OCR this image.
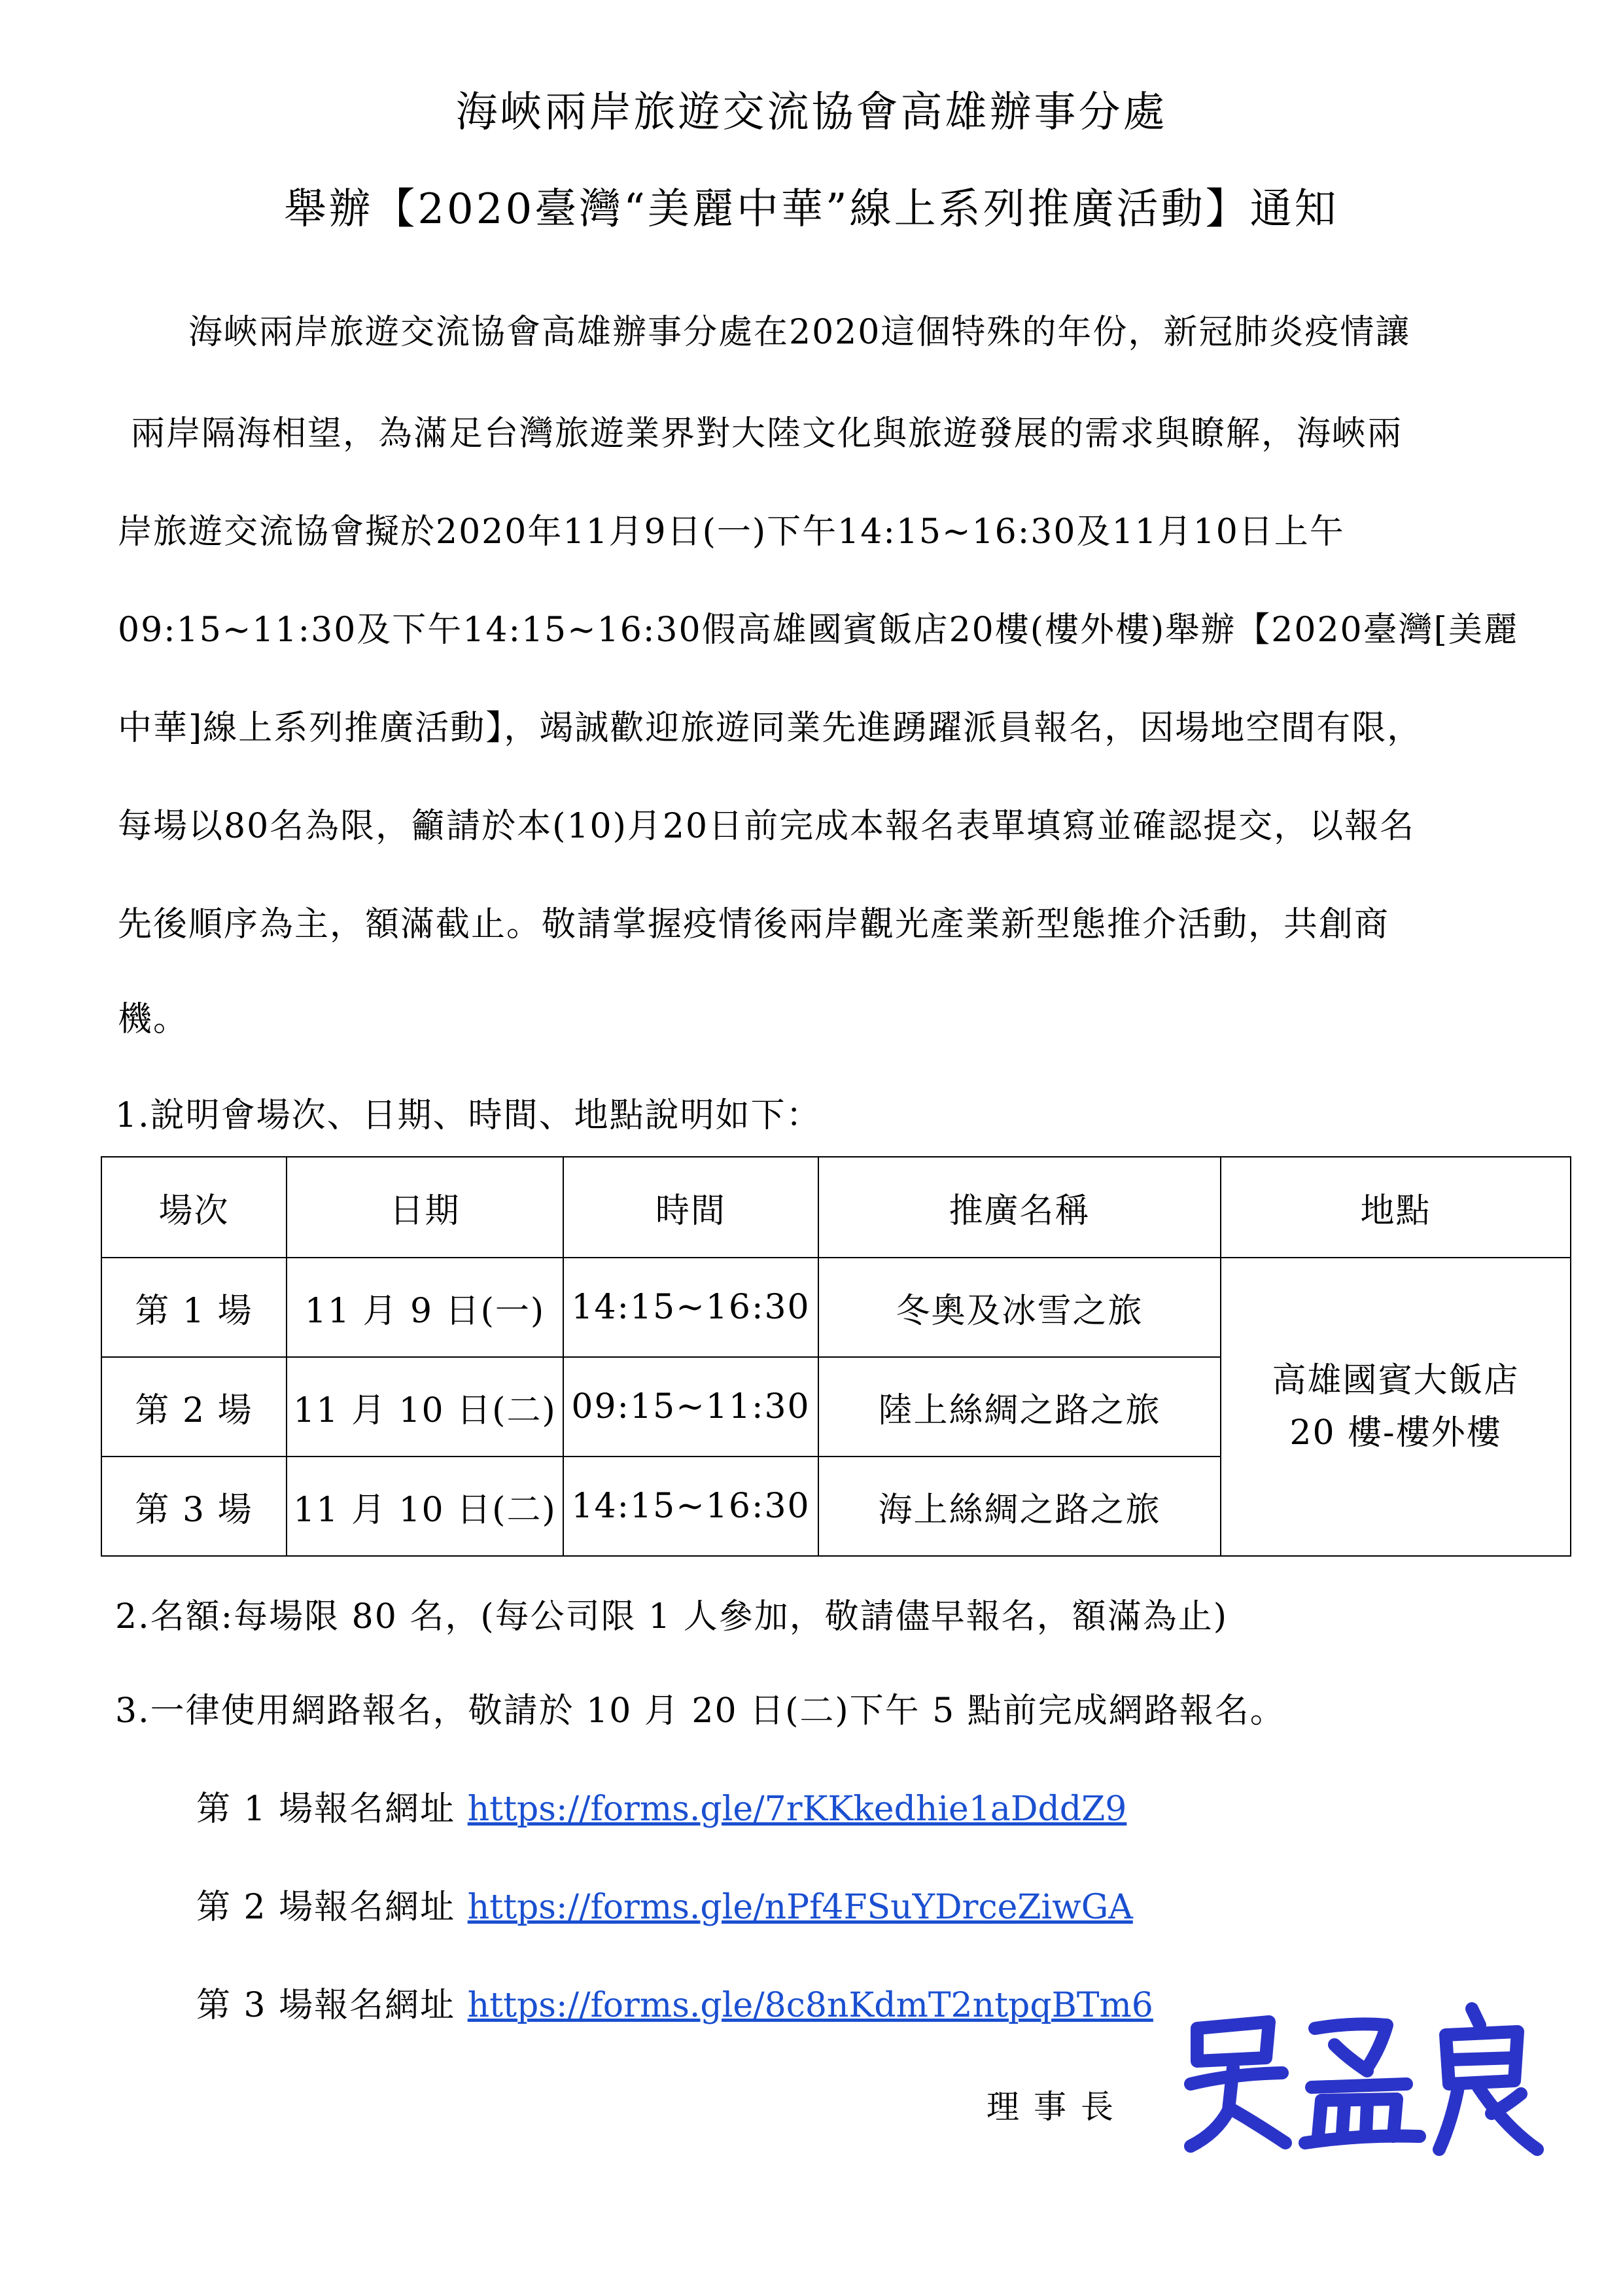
海峽兩岸旅遊交流協會高雄辦事分處
舉辦【2020臺灣“美麗中華”線上系列推廣活動】通知
　　海峽兩岸旅遊交流協會高雄辦事分處在2020這個特殊的年份，新冠肺炎疫情讓
兩岸隔海相望，為滿足台灣旅遊業界對大陸文化與旅遊發展的需求與瞭解，海峽兩
岸旅遊交流協會擬於2020年11月9日(一)下午14:15~16:30及11月10日上午
09:15~11:30及下午14:15~16:30假高雄國賓飯店20樓(樓外樓)舉辦【2020臺灣[美麗
中華]線上系列推廣活動】，竭誠歡迎旅遊同業先進踴躍派員報名，因場地空間有限，
每場以80名為限，籲請於本(10)月20日前完成本報名表單填寫並確認提交，以報名
先後順序為主，額滿截止。敬請掌握疫情後兩岸觀光產業新型態推介活動，共創商
機。
1.說明會場次、日期、時間、地點說明如下：
場次	日期	時間	推廣名稱	地點
第 1 場	11 月 9 日(一)	14:15~16:30	冬奧及冰雪之旅	高雄國賓大飯店
20 樓-樓外樓
第 2 場	11 月 10 日(二)	09:15~11:30	陸上絲綢之路之旅	
第 3 場	11 月 10 日(二)	14:15~16:30	海上絲綢之路之旅	
2.名額:每場限 80 名，(每公司限 1 人參加，敬請儘早報名，額滿為止)
3.一律使用網路報名，敬請於 10 月 20 日(二)下午 5 點前完成網路報名。
第 1 場報名網址 https://forms.gle/7rKKkedhie1aDddZ9
第 2 場報名網址 https://forms.gle/nPf4FSuYDrceZiwGA
第 3 場報名網址 https://forms.gle/8c8nKdmT2ntpqBTm6
理事長
